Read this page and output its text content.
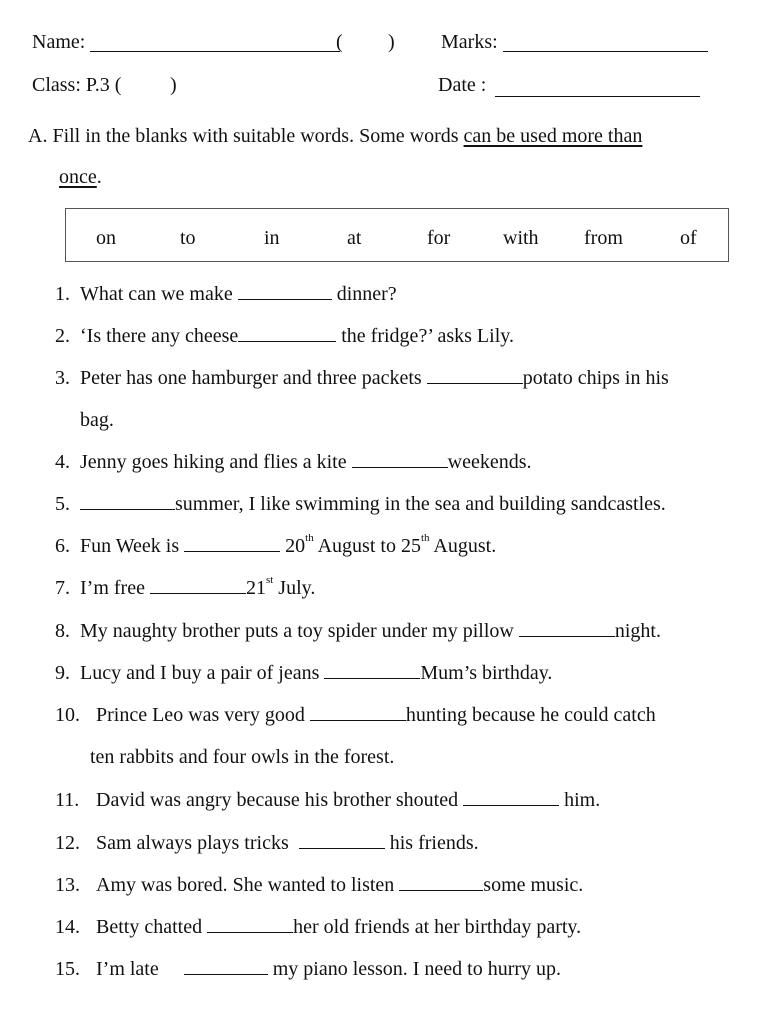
Name:	( ) Marks:
Class: P.3 ( )	Date :
A. Fill in the blanks with suitable words. Some words can be used more than
once.
on	to	in	at	for	with from	of
1. What can we make	dinner?
2. ‘Is there any cheese	the fridge?’ asks Lily.
3. Peter has one hamburger and three packets	potato chips in his
bag.
4. Jenny goes hiking and flies a kite	weekends.
5.	summer, I like swimming in the sea and building sandcastles.
6. Fun Week is	20th August to 25th August.
7. I’m free	21st July.
8. My naughty brother puts a toy spider under my pillow	night.
9. Lucy and I buy a pair of jeans	Mum’s birthday.
10. Prince Leo was very good	hunting because he could catch
ten rabbits and four owls in the forest.
11. David was angry because his brother shouted	him.
12. Sam always plays tricks	his friends.
13. Amy was bored. She wanted to listen	some music.
14. Betty chatted	her old friends at her birthday party.
15. I’m late	my piano lesson. I need to hurry up.
